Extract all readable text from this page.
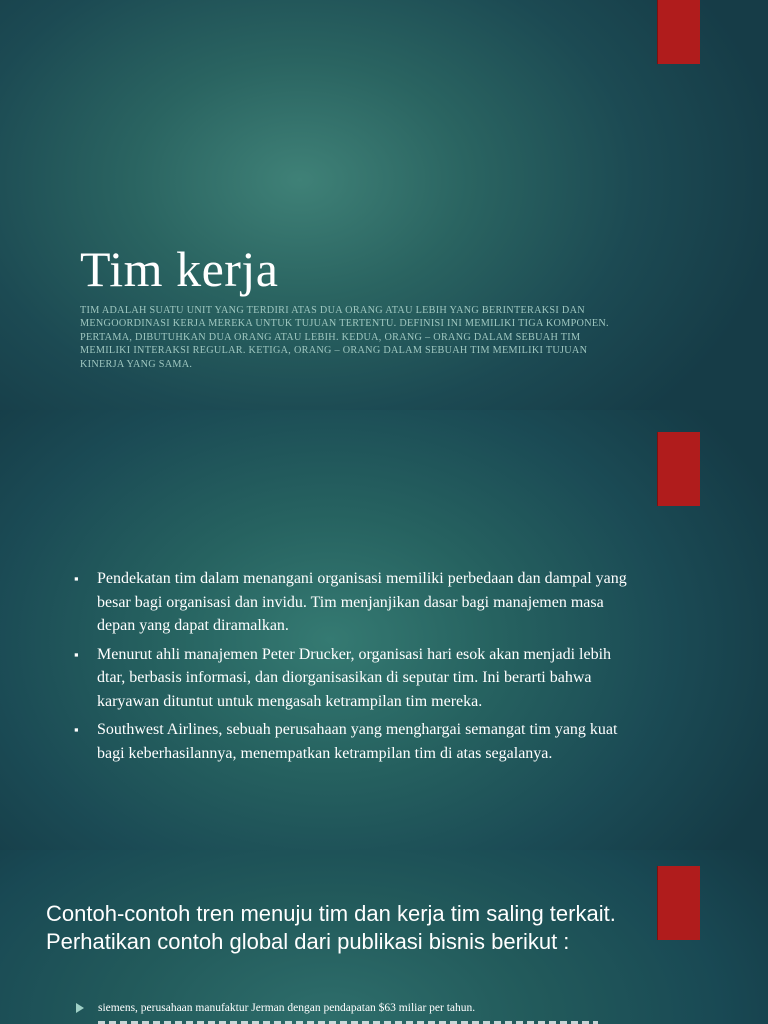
Tim kerja

TIM ADALAH SUATU UNIT YANG TERDIRI ATAS DUA ORANG ATAU LEBIH YANG BERINTERAKSI DAN MENGOORDINASI KERJA MEREKA UNTUK TUJUAN TERTENTU. DEFINISI INI MEMILIKI TIGA KOMPONEN. PERTAMA, DIBUTUHKAN DUA ORANG ATAU LEBIH. KEDUA, ORANG – ORANG DALAM SEBUAH TIM MEMILIKI INTERAKSI REGULAR. KETIGA, ORANG – ORANG DALAM SEBUAH TIM MEMILIKI TUJUAN KINERJA YANG SAMA.

▪ Pendekatan tim dalam menangani organisasi memiliki perbedaan dan dampal yang besar bagi organisasi dan invidu. Tim menjanjikan dasar bagi manajemen masa depan yang dapat diramalkan.
▪ Menurut ahli manajemen Peter Drucker, organisasi hari esok akan menjadi lebih dtar, berbasis informasi, dan diorganisasikan di seputar tim. Ini berarti bahwa karyawan dituntut untuk mengasah ketrampilan tim mereka.
▪ Southwest Airlines, sebuah perusahaan yang menghargai semangat tim yang kuat bagi keberhasilannya, menempatkan ketrampilan tim di atas segalanya.
Contoh-contoh tren menuju tim dan kerja tim saling terkait. Perhatikan contoh global dari publikasi bisnis berikut :
siemens, perusahaan manufaktur Jerman dengan pendapatan $63 miliar per tahun.
